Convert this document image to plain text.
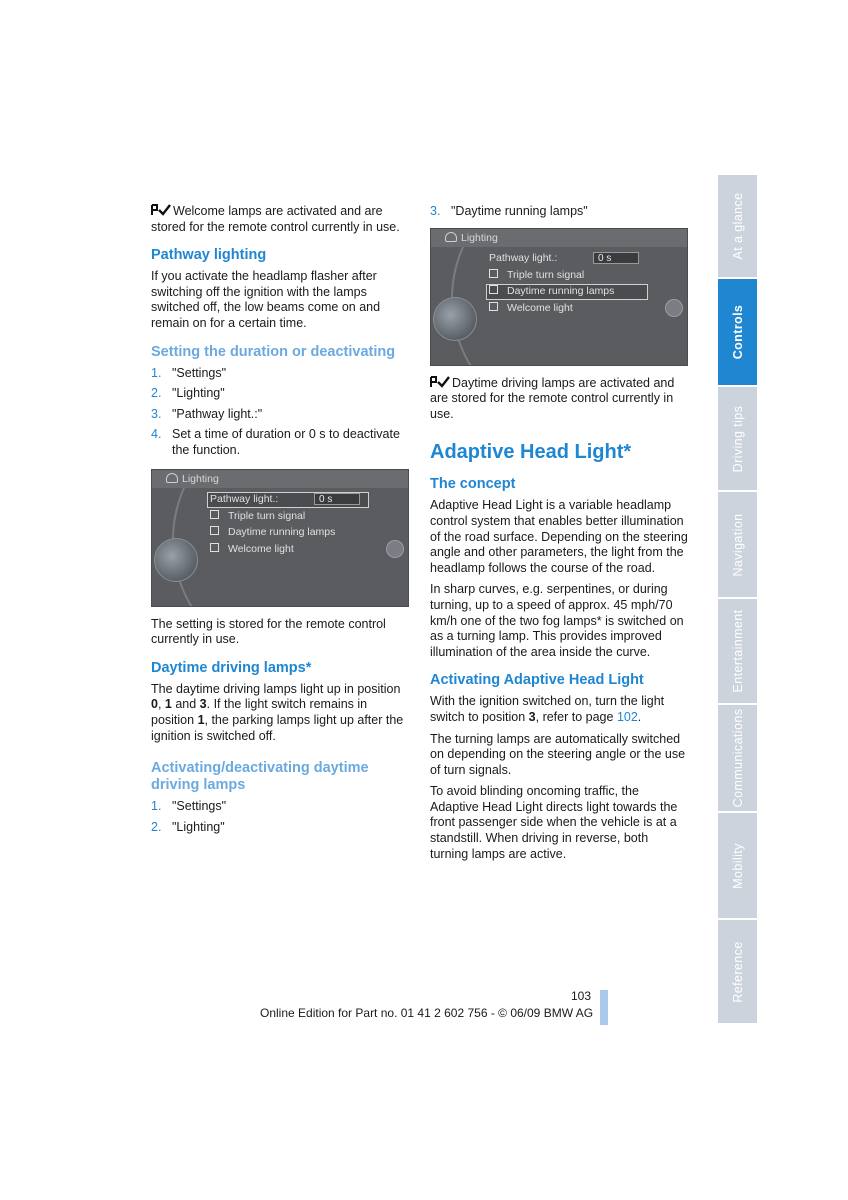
Welcome lamps are activated and are stored for the remote control currently in use.

Pathway lighting

If you activate the headlamp flasher after switching off the ignition with the lamps switched off, the low beams come on and remain on for a certain time.

Setting the duration or deactivating
1. "Settings"
2. "Lighting"
3. "Pathway light.:"
4. Set a time of duration or 0 s to deactivate the function.
Lighting
Pathway light.:	0 s
Triple turn signal
Daytime running lamps
Welcome light

The setting is stored for the remote control currently in use.

Daytime driving lamps*

The daytime driving lamps light up in position 0, 1 and 3. If the light switch remains in position 1, the parking lamps light up after the ignition is switched off.

Activating/deactivating daytime driving lamps
1. "Settings"
2. "Lighting"
3. "Daytime running lamps"
Lighting
Pathway light.:	0 s
Triple turn signal
Daytime running lamps
Welcome light

Daytime driving lamps are activated and are stored for the remote control currently in use.

Adaptive Head Light*
The concept

Adaptive Head Light is a variable headlamp control system that enables better illumination of the road surface. Depending on the steering angle and other parameters, the light from the headlamp follows the course of the road.

In sharp curves, e.g. serpentines, or during turning, up to a speed of approx. 45 mph/70 km/h one of the two fog lamps* is switched on as a turning lamp. This provides improved illumination of the area inside the curve.

Activating Adaptive Head Light

With the ignition switched on, turn the light switch to position 3, refer to page 102.

The turning lamps are automatically switched on depending on the steering angle or the use of turn signals.

To avoid blinding oncoming traffic, the Adaptive Head Light directs light towards the front passenger side when the vehicle is at a standstill. When driving in reverse, both turning lamps are active.

At a glance
Controls
Driving tips
Navigation
Entertainment
Communications
Mobility
Reference
103
Online Edition for Part no. 01 41 2 602 756 - © 06/09 BMW AG
